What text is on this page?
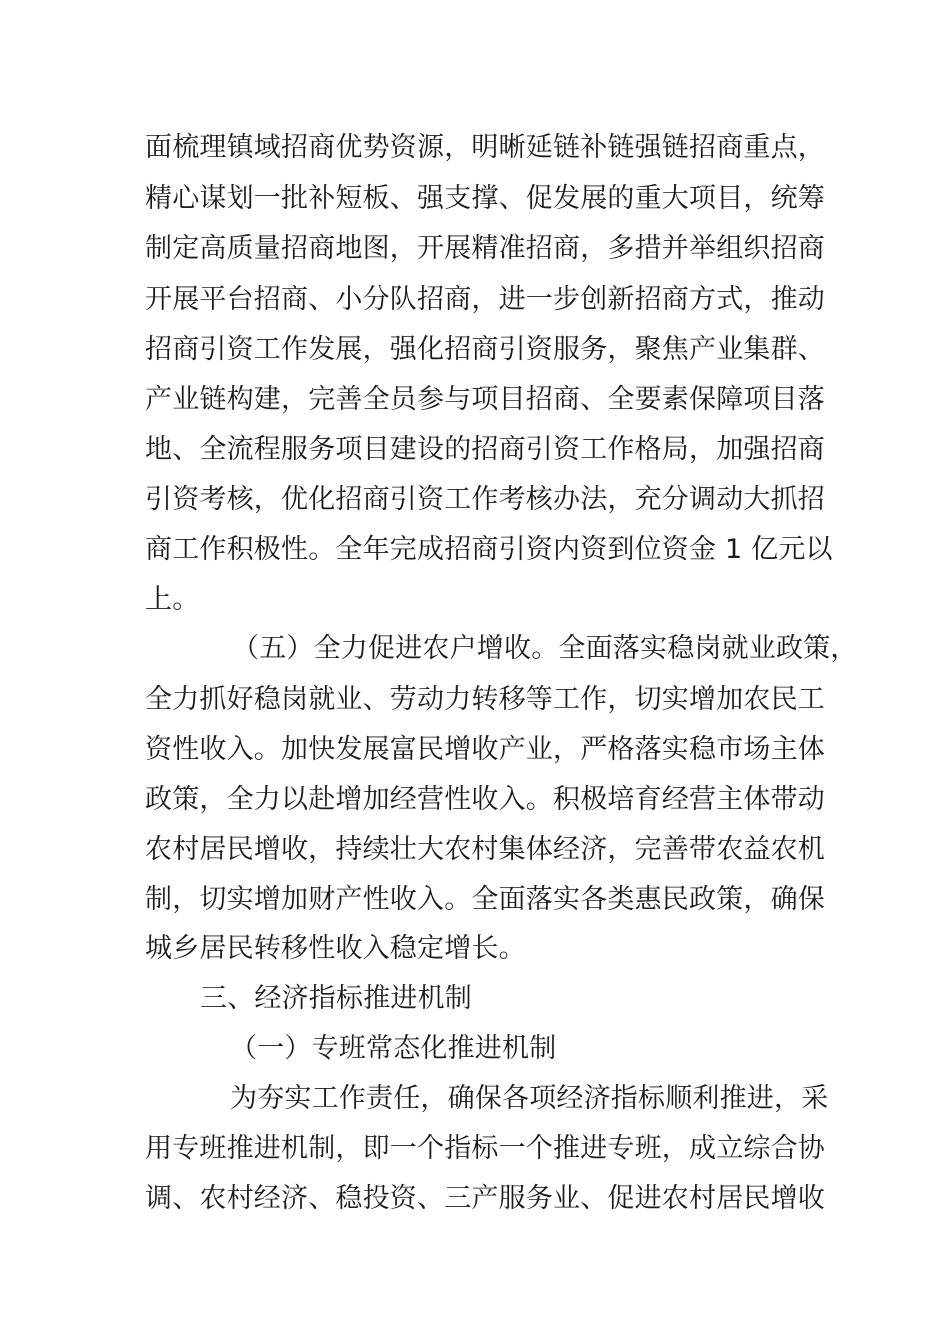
面梳理镇域招商优势资源，明晰延链补链强链招商重点，
精心谋划一批补短板、强支撑、促发展的重大项目，统筹
制定高质量招商地图，开展精准招商，多措并举组织招商
开展平台招商、小分队招商，进一步创新招商方式，推动
招商引资工作发展，强化招商引资服务，聚焦产业集群、
产业链构建，完善全员参与项目招商、全要素保障项目落
地、全流程服务项目建设的招商引资工作格局，加强招商
引资考核，优化招商引资工作考核办法，充分调动大抓招
商工作积极性。全年完成招商引资内资到位资金 1 亿元以
上。
（五）全力促进农户增收。全面落实稳岗就业政策，
全力抓好稳岗就业、劳动力转移等工作，切实增加农民工
资性收入。加快发展富民增收产业，严格落实稳市场主体
政策，全力以赴增加经营性收入。积极培育经营主体带动
农村居民增收，持续壮大农村集体经济，完善带农益农机
制，切实增加财产性收入。全面落实各类惠民政策，确保
城乡居民转移性收入稳定增长。
三、经济指标推进机制
（一）专班常态化推进机制
为夯实工作责任，确保各项经济指标顺利推进，采
用专班推进机制，即一个指标一个推进专班，成立综合协
调、农村经济、稳投资、三产服务业、促进农村居民增收
